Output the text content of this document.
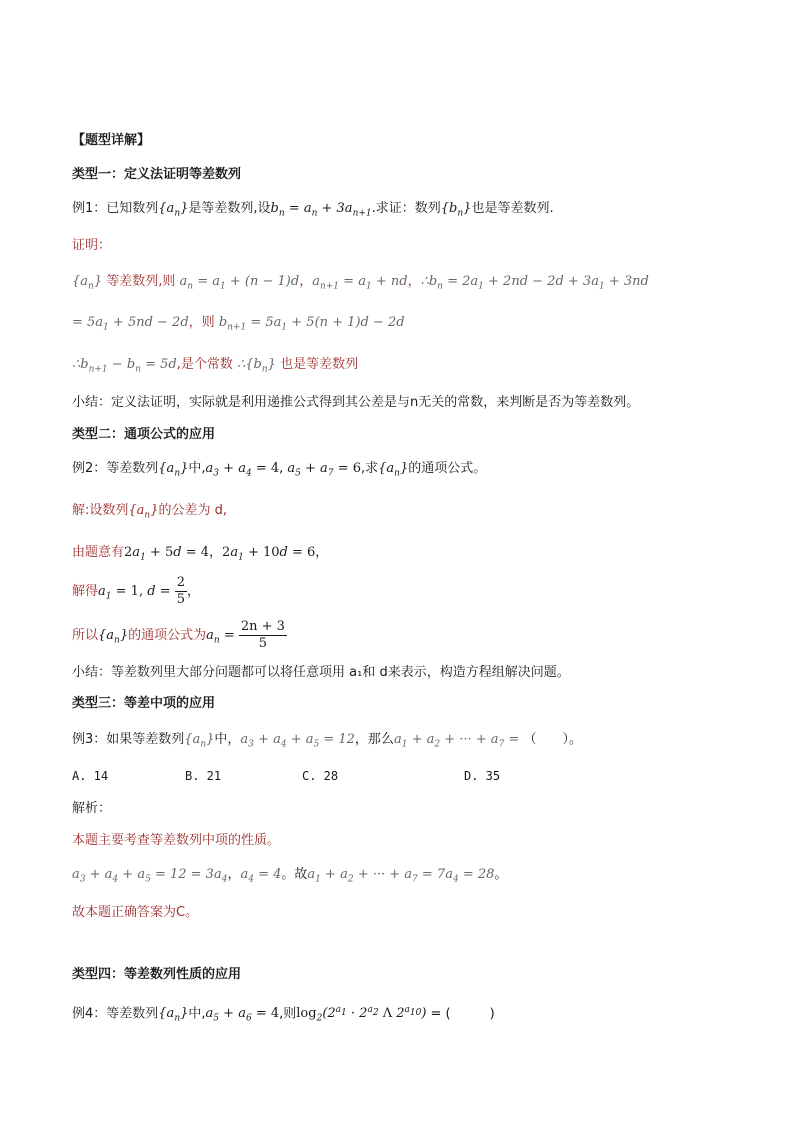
【题型详解】
类型一：定义法证明等差数列
例1：已知数列$\{a_n\}$是等差数列,设$b_n = a_n + 3a_{n+1}$.求证：数列$\{b_n\}$也是等差数列.
证明：
$\{a_n\}$ 等差数列,则 $a_n = a_1 + (n - 1)d$，$a_{n+1} = a_1$ + nd，$\therefore b_n = 2a_1 + 2nd - 2d + 3a_1 + 3nd$
= $5a_1 + 5nd - 2d$，则 $b_{n+1} = 5a_1 + 5(n + 1)d - 2d$
$\therefore b_{n+1} - b_n = 5d$,是个常数 $\therefore\{b_n\}$ 也是等差数列
小结：定义法证明，实际就是利用递推公式得到其公差是与n无关的常数，来判断是否为等差数列。
类型二：通项公式的应用
例2：等差数列$\{a_n\}$中$,a_3 + a_4 = 4$, $a_5 + a_7 = 6$,求$\{a_n\}$的通项公式。
解:设数列$\{a_n\}$的公差为 d,
由题意有$2a_1 + 5d = 4$，$2a_1 + 10d = 6$，
解得$a_1 = 1$, $d = \frac{2}{5}$ ，
所以$\{a_n\}$的通项公式为$a_n = \frac{2n + 3}{5}$
小结：等差数列里大部分问题都可以将任意项用 a₁和 d来表示，构造方程组解决问题。
类型三：等差中项的应用
例3：如果等差数列$\{a_n\}$中，$a_3 + a_4 + a_5 = 12$，那么$a_1 + a_2$ + ··· + $a_7$ = （　　）。
A. 14	B. 21	C. 28	D. 35
解析：
本题主要考查等差数列中项的性质。
$a_3 + a_4 + a_5 = 12 = 3a_4$，$a_4 = 4$。故$a_1 + a_2$ + ··· + $a_7 = 7a_4 = 28$。
故本题正确答案为C。
类型四：等差数列性质的应用
例4：等差数列$\{a_n\}$中$,a_5 + a_6 = 4$,则$\log_2(2^{a_1} \cdot 2^{a_2}$ Λ $2^{a_{10}}$) = (　　　)
